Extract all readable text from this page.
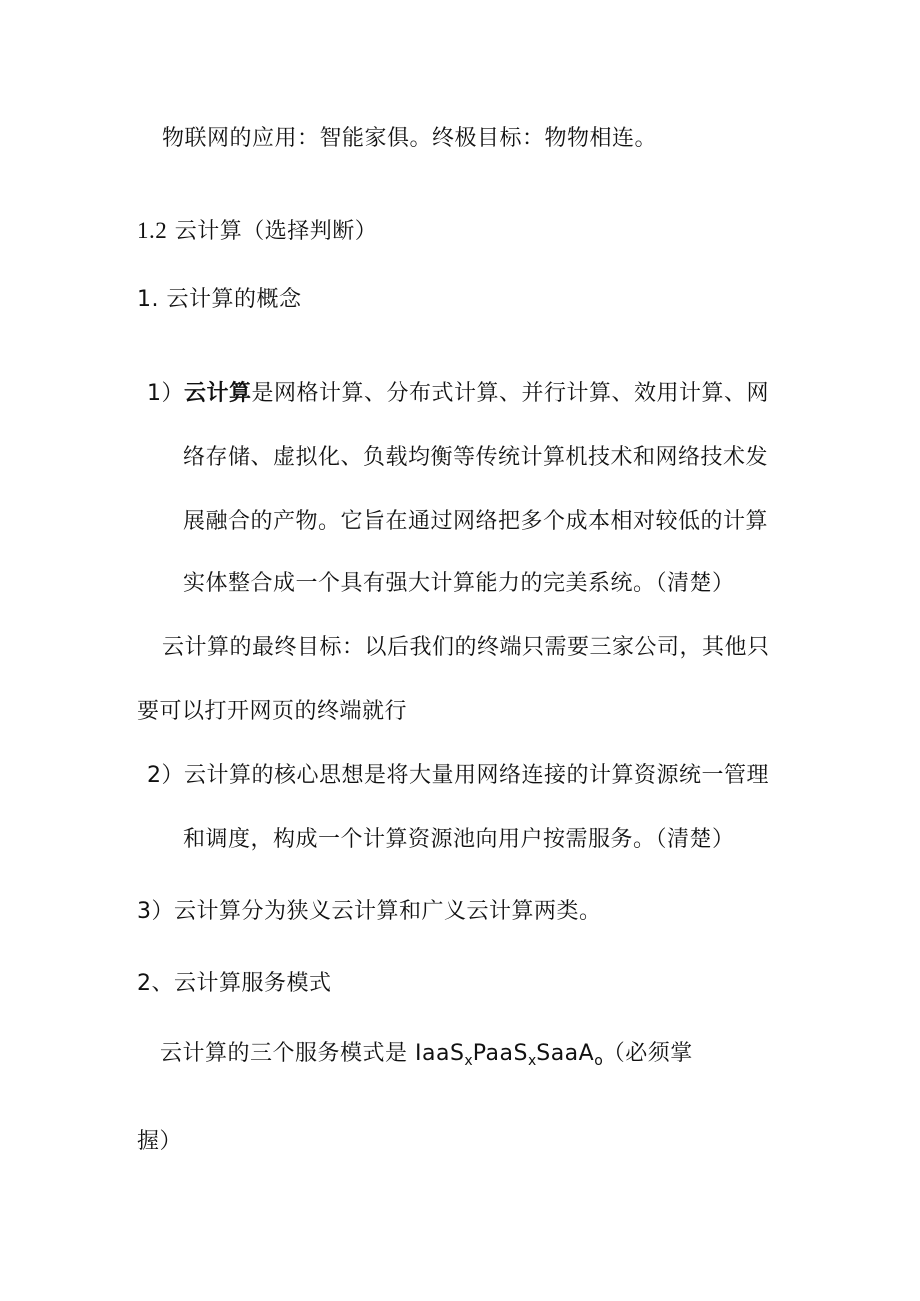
物联网的应用：智能家俱。终极目标：物物相连。
1.2 云计算（选择判断）
1. 云计算的概念
1）云计算是网格计算、分布式计算、并行计算、效用计算、网
络存储、虚拟化、负载均衡等传统计算机技术和网络技术发
展融合的产物。它旨在通过网络把多个成本相对较低的计算
实体整合成一个具有强大计算能力的完美系统。（清楚）
云计算的最终目标：以后我们的终端只需要三家公司，其他只
要可以打开网页的终端就行
2）云计算的核心思想是将大量用网络连接的计算资源统一管理
和调度，构成一个计算资源池向用户按需服务。（清楚）
3）云计算分为狭义云计算和广义云计算两类。
2、云计算服务模式
云计算的三个服务模式是 IaaS$_x$PaaS$_x$SaaA$_o$（必须掌
握）
